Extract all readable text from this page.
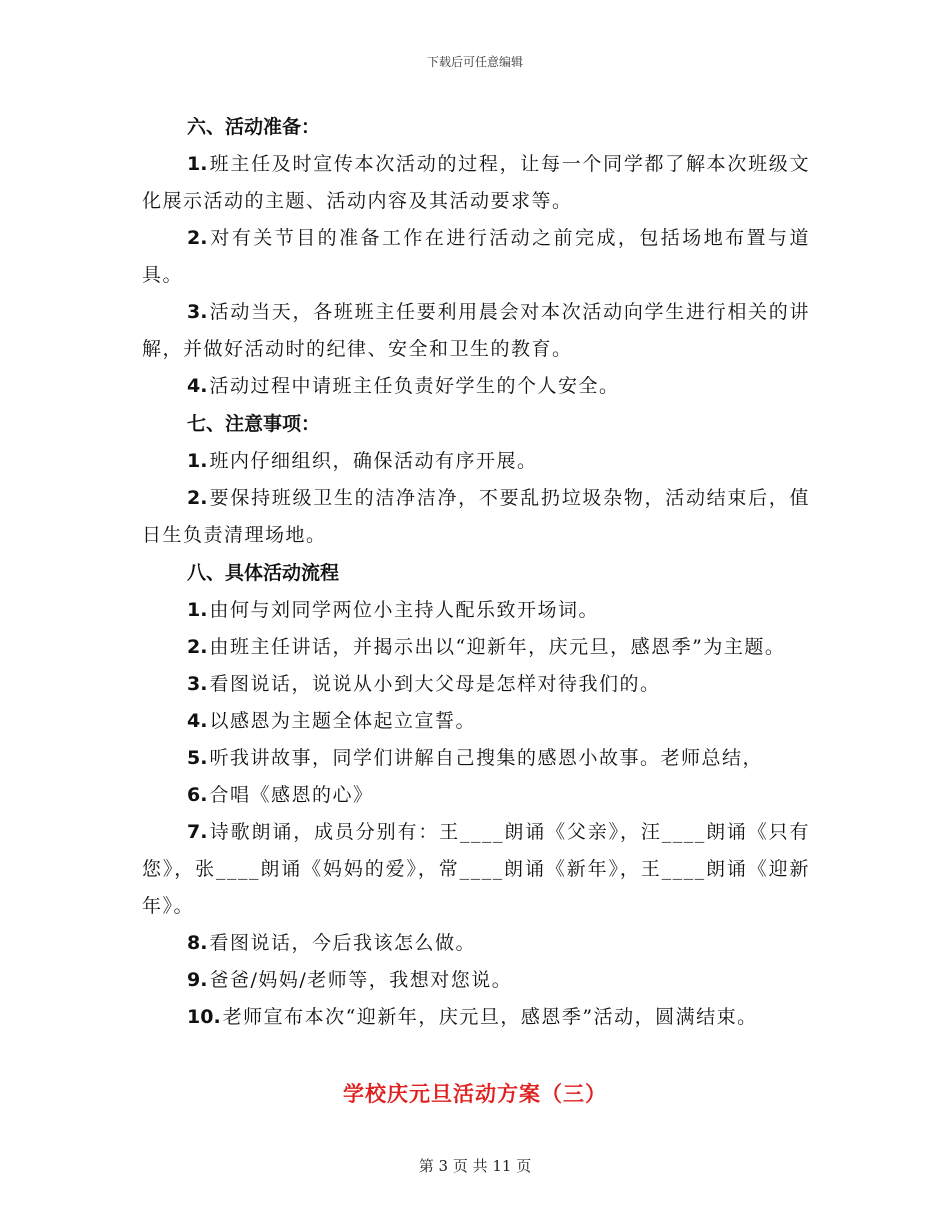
下载后可任意编辑

六、活动准备：

1. 班主任及时宣传本次活动的过程，让每一个同学都了解本次班级文化展示活动的主题、活动内容及其活动要求等。

2. 对有关节目的准备工作在进行活动之前完成，包括场地布置与道具。

3. 活动当天，各班班主任要利用晨会对本次活动向学生进行相关的讲解，并做好活动时的纪律、安全和卫生的教育。

4. 活动过程中请班主任负责好学生的个人安全。

七、注意事项：

1. 班内仔细组织，确保活动有序开展。

2. 要保持班级卫生的洁净洁净，不要乱扔垃圾杂物，活动结束后，值日生负责清理场地。

八、具体活动流程

1. 由何与刘同学两位小主持人配乐致开场词。

2. 由班主任讲话，并揭示出以“迎新年，庆元旦，感恩季”为主题。

3. 看图说话，说说从小到大父母是怎样对待我们的。

4. 以感恩为主题全体起立宣誓。

5. 听我讲故事，同学们讲解自己搜集的感恩小故事。老师总结，

6. 合唱《感恩的心》

7. 诗歌朗诵，成员分别有：王____朗诵《父亲》，汪____朗诵《只有您》，张____朗诵《妈妈的爱》，常____朗诵《新年》，王____朗诵《迎新年》。

8. 看图说话，今后我该怎么做。

9. 爸爸/妈妈/老师等，我想对您说。

10. 老师宣布本次“迎新年，庆元旦，感恩季”活动，圆满结束。

学校庆元旦活动方案（三）
第 3 页 共 11 页
